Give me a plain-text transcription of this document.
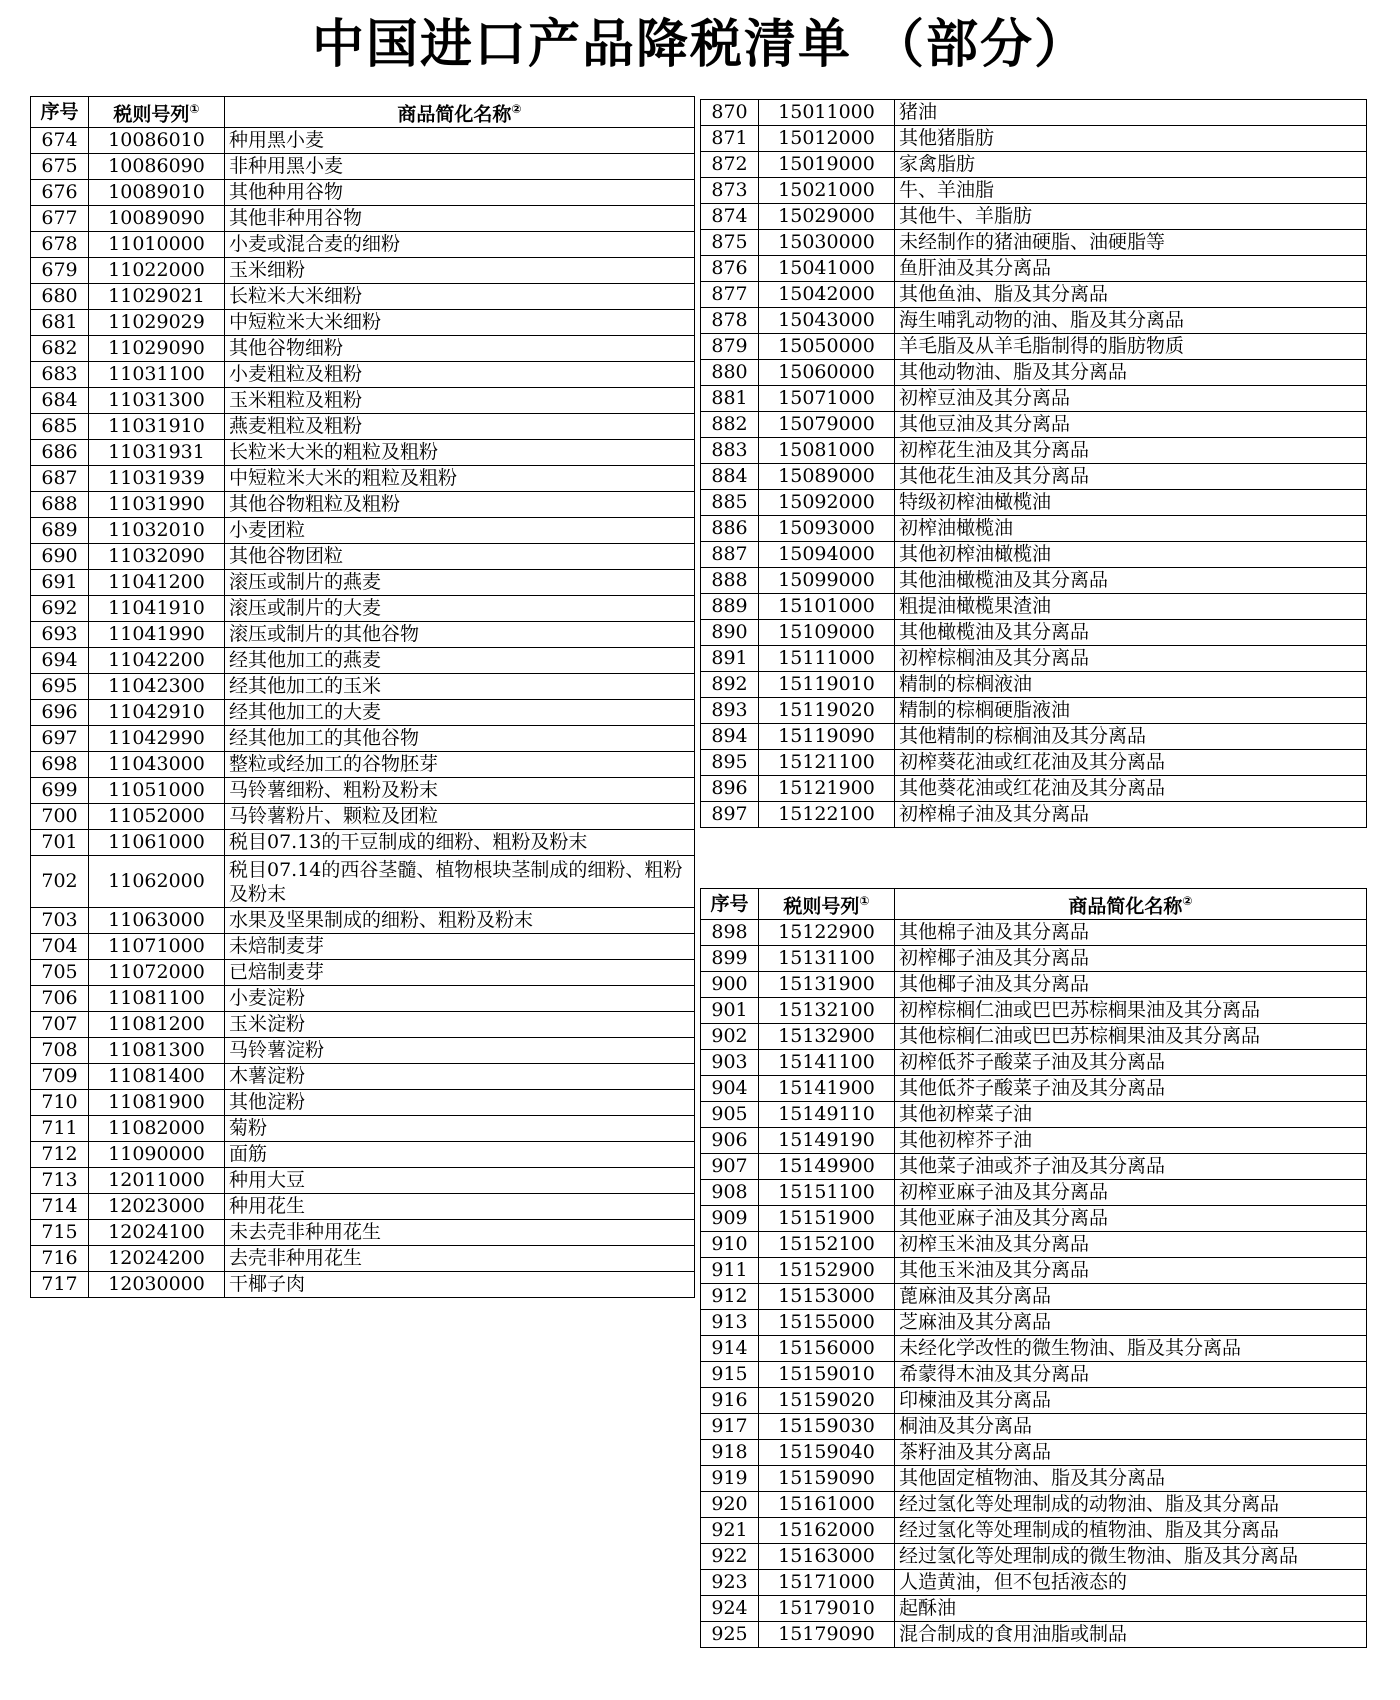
中国进口产品降税清单 （部分）
序号	税则号列①	商品简化名称②
674	10086010	种用黑小麦
675	10086090	非种用黑小麦
676	10089010	其他种用谷物
677	10089090	其他非种用谷物
678	11010000	小麦或混合麦的细粉
679	11022000	玉米细粉
680	11029021	长粒米大米细粉
681	11029029	中短粒米大米细粉
682	11029090	其他谷物细粉
683	11031100	小麦粗粒及粗粉
684	11031300	玉米粗粒及粗粉
685	11031910	燕麦粗粒及粗粉
686	11031931	长粒米大米的粗粒及粗粉
687	11031939	中短粒米大米的粗粒及粗粉
688	11031990	其他谷物粗粒及粗粉
689	11032010	小麦团粒
690	11032090	其他谷物团粒
691	11041200	滚压或制片的燕麦
692	11041910	滚压或制片的大麦
693	11041990	滚压或制片的其他谷物
694	11042200	经其他加工的燕麦
695	11042300	经其他加工的玉米
696	11042910	经其他加工的大麦
697	11042990	经其他加工的其他谷物
698	11043000	整粒或经加工的谷物胚芽
699	11051000	马铃薯细粉、粗粉及粉末
700	11052000	马铃薯粉片、颗粒及团粒
701	11061000	税目07.13的干豆制成的细粉、粗粉及粉末
702	11062000	税目07.14的西谷茎髓、植物根块茎制成的细粉、粗粉及粉末
703	11063000	水果及坚果制成的细粉、粗粉及粉末
704	11071000	未焙制麦芽
705	11072000	已焙制麦芽
706	11081100	小麦淀粉
707	11081200	玉米淀粉
708	11081300	马铃薯淀粉
709	11081400	木薯淀粉
710	11081900	其他淀粉
711	11082000	菊粉
712	11090000	面筋
713	12011000	种用大豆
714	12023000	种用花生
715	12024100	未去壳非种用花生
716	12024200	去壳非种用花生
717	12030000	干椰子肉
870	15011000	猪油
871	15012000	其他猪脂肪
872	15019000	家禽脂肪
873	15021000	牛、羊油脂
874	15029000	其他牛、羊脂肪
875	15030000	未经制作的猪油硬脂、油硬脂等
876	15041000	鱼肝油及其分离品
877	15042000	其他鱼油、脂及其分离品
878	15043000	海生哺乳动物的油、脂及其分离品
879	15050000	羊毛脂及从羊毛脂制得的脂肪物质
880	15060000	其他动物油、脂及其分离品
881	15071000	初榨豆油及其分离品
882	15079000	其他豆油及其分离品
883	15081000	初榨花生油及其分离品
884	15089000	其他花生油及其分离品
885	15092000	特级初榨油橄榄油
886	15093000	初榨油橄榄油
887	15094000	其他初榨油橄榄油
888	15099000	其他油橄榄油及其分离品
889	15101000	粗提油橄榄果渣油
890	15109000	其他橄榄油及其分离品
891	15111000	初榨棕榈油及其分离品
892	15119010	精制的棕榈液油
893	15119020	精制的棕榈硬脂液油
894	15119090	其他精制的棕榈油及其分离品
895	15121100	初榨葵花油或红花油及其分离品
896	15121900	其他葵花油或红花油及其分离品
897	15122100	初榨棉子油及其分离品
序号	税则号列①	商品简化名称②
898	15122900	其他棉子油及其分离品
899	15131100	初榨椰子油及其分离品
900	15131900	其他椰子油及其分离品
901	15132100	初榨棕榈仁油或巴巴苏棕榈果油及其分离品
902	15132900	其他棕榈仁油或巴巴苏棕榈果油及其分离品
903	15141100	初榨低芥子酸菜子油及其分离品
904	15141900	其他低芥子酸菜子油及其分离品
905	15149110	其他初榨菜子油
906	15149190	其他初榨芥子油
907	15149900	其他菜子油或芥子油及其分离品
908	15151100	初榨亚麻子油及其分离品
909	15151900	其他亚麻子油及其分离品
910	15152100	初榨玉米油及其分离品
911	15152900	其他玉米油及其分离品
912	15153000	蓖麻油及其分离品
913	15155000	芝麻油及其分离品
914	15156000	未经化学改性的微生物油、脂及其分离品
915	15159010	希蒙得木油及其分离品
916	15159020	印楝油及其分离品
917	15159030	桐油及其分离品
918	15159040	茶籽油及其分离品
919	15159090	其他固定植物油、脂及其分离品
920	15161000	经过氢化等处理制成的动物油、脂及其分离品
921	15162000	经过氢化等处理制成的植物油、脂及其分离品
922	15163000	经过氢化等处理制成的微生物油、脂及其分离品
923	15171000	人造黄油，但不包括液态的
924	15179010	起酥油
925	15179090	混合制成的食用油脂或制品
